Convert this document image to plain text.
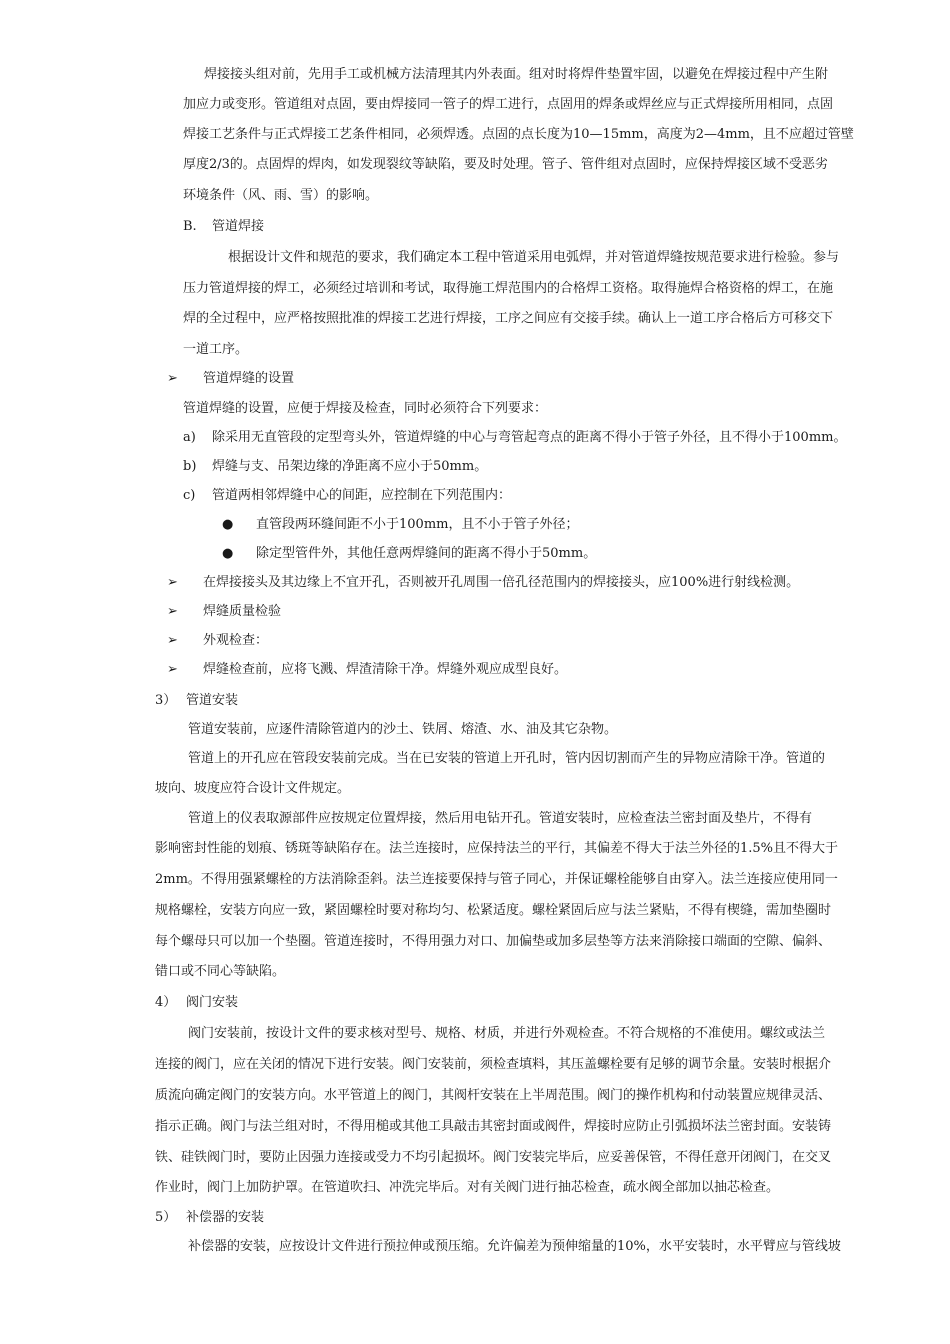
焊接接头组对前，先用手工或机械方法清理其内外表面。组对时将焊件垫置牢固，以避免在焊接过程中产生附
加应力或变形。管道组对点固，要由焊接同一管子的焊工进行，点固用的焊条或焊丝应与正式焊接所用相同，点固
焊接工艺条件与正式焊接工艺条件相同，必须焊透。点固的点长度为10—15mm，高度为2—4mm，且不应超过管壁
厚度2/3的。点固焊的焊肉，如发现裂纹等缺陷，要及时处理。管子、管件组对点固时，应保持焊接区域不受恶劣
环境条件（风、雨、雪）的影响。
B. 管道焊接
根据设计文件和规范的要求，我们确定本工程中管道采用电弧焊，并对管道焊缝按规范要求进行检验。参与
压力管道焊接的焊工，必须经过培训和考试，取得施工焊范围内的合格焊工资格。取得施焊合格资格的焊工，在施
焊的全过程中，应严格按照批准的焊接工艺进行焊接，工序之间应有交接手续。确认上一道工序合格后方可移交下
一道工序。
➢ 管道焊缝的设置
管道焊缝的设置，应便于焊接及检查，同时必须符合下列要求：
a) 除采用无直管段的定型弯头外，管道焊缝的中心与弯管起弯点的距离不得小于管子外径，且不得小于100mm。
b) 焊缝与支、吊架边缘的净距离不应小于50mm。
c) 管道两相邻焊缝中心的间距，应控制在下列范围内：
● 直管段两环缝间距不小于100mm，且不小于管子外径；
● 除定型管件外，其他任意两焊缝间的距离不得小于50mm。
➢ 在焊接接头及其边缘上不宜开孔，否则被开孔周围一倍孔径范围内的焊接接头，应100%进行射线检测。
➢ 焊缝质量检验
➢ 外观检查：
➢ 焊缝检查前，应将飞溅、焊渣清除干净。焊缝外观应成型良好。
3） 管道安装
管道安装前，应逐件清除管道内的沙土、铁屑、熔渣、水、油及其它杂物。
管道上的开孔应在管段安装前完成。当在已安装的管道上开孔时，管内因切割而产生的异物应清除干净。管道的
坡向、坡度应符合设计文件规定。
管道上的仪表取源部件应按规定位置焊接，然后用电钻开孔。管道安装时，应检查法兰密封面及垫片，不得有
影响密封性能的划痕、锈斑等缺陷存在。法兰连接时，应保持法兰的平行，其偏差不得大于法兰外径的1.5%且不得大于
2mm。不得用强紧螺栓的方法消除歪斜。法兰连接要保持与管子同心，并保证螺栓能够自由穿入。法兰连接应使用同一
规格螺栓，安装方向应一致，紧固螺栓时要对称均匀、松紧适度。螺栓紧固后应与法兰紧贴，不得有楔缝，需加垫圈时
每个螺母只可以加一个垫圈。管道连接时，不得用强力对口、加偏垫或加多层垫等方法来消除接口端面的空隙、偏斜、
错口或不同心等缺陷。
4） 阀门安装
阀门安装前，按设计文件的要求核对型号、规格、材质，并进行外观检查。不符合规格的不准使用。螺纹或法兰
连接的阀门，应在关闭的情况下进行安装。阀门安装前，须检查填料，其压盖螺栓要有足够的调节余量。安装时根据介
质流向确定阀门的安装方向。水平管道上的阀门，其阀杆安装在上半周范围。阀门的操作机构和付动装置应规律灵活、
指示正确。阀门与法兰组对时，不得用槌或其他工具敲击其密封面或阀件，焊接时应防止引弧损坏法兰密封面。安装铸
铁、硅铁阀门时，要防止因强力连接或受力不均引起损坏。阀门安装完毕后，应妥善保管，不得任意开闭阀门，在交叉
作业时，阀门上加防护罩。在管道吹扫、冲洗完毕后。对有关阀门进行抽芯检查，疏水阀全部加以抽芯检查。
5） 补偿器的安装
补偿器的安装，应按设计文件进行预拉伸或预压缩。允许偏差为预伸缩量的10%，水平安装时，水平臂应与管线坡
